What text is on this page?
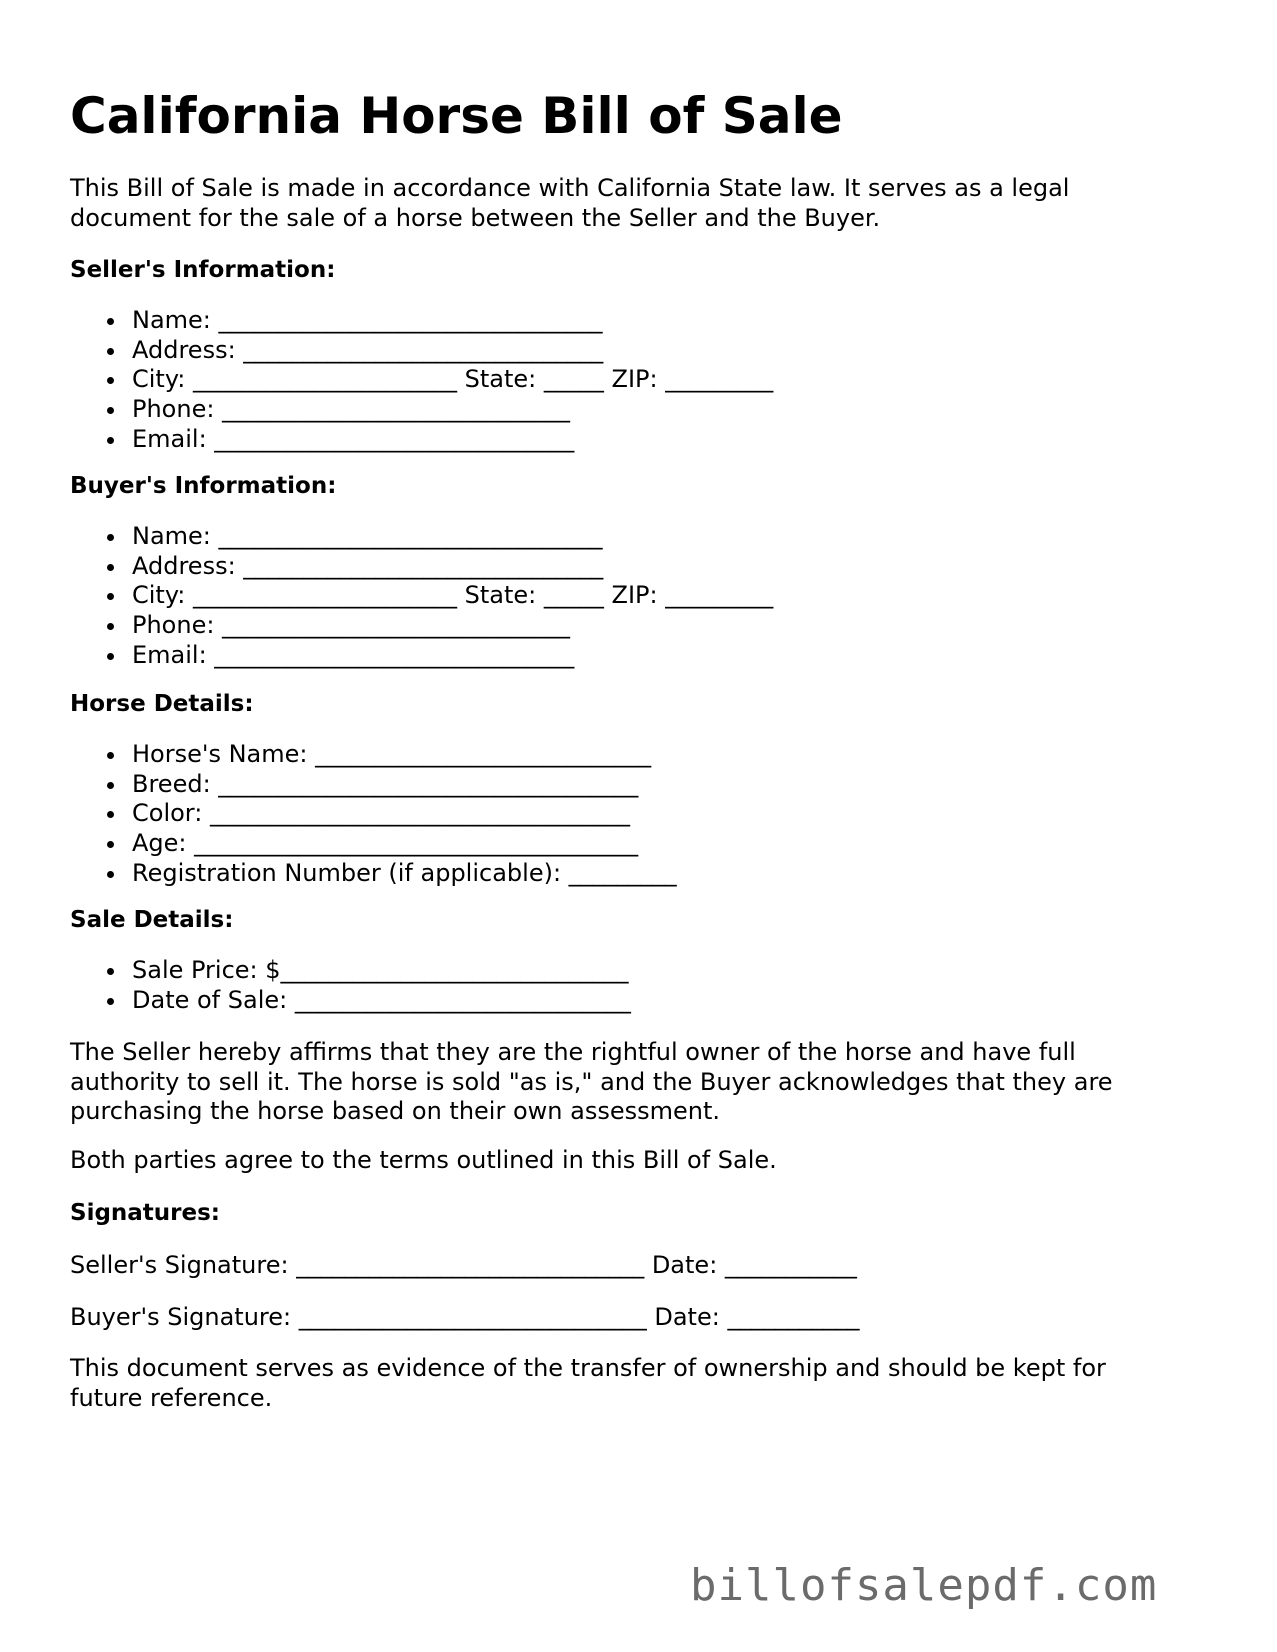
California Horse Bill of Sale

This Bill of Sale is made in accordance with California State law. It serves as a legal document for the sale of a horse between the Seller and the Buyer.

Seller's Information:
Name: ________________________________
Address: ______________________________
City: ______________________ State: _____ ZIP: _________
Phone: _____________________________
Email: ______________________________
Buyer's Information:
Name: ________________________________
Address: ______________________________
City: ______________________ State: _____ ZIP: _________
Phone: _____________________________
Email: ______________________________
Horse Details:
Horse's Name: ____________________________
Breed: ___________________________________
Color: ___________________________________
Age: _____________________________________
Registration Number (if applicable): _________
Sale Details:
Sale Price: $_____________________________
Date of Sale: ____________________________

The Seller hereby affirms that they are the rightful owner of the horse and have full authority to sell it. The horse is sold "as is," and the Buyer acknowledges that they are purchasing the horse based on their own assessment.

Both parties agree to the terms outlined in this Bill of Sale.

Signatures:

Seller's Signature: _____________________________ Date: ___________

Buyer's Signature: _____________________________ Date: ___________

This document serves as evidence of the transfer of ownership and should be kept for future reference.

billofsalepdf.com
